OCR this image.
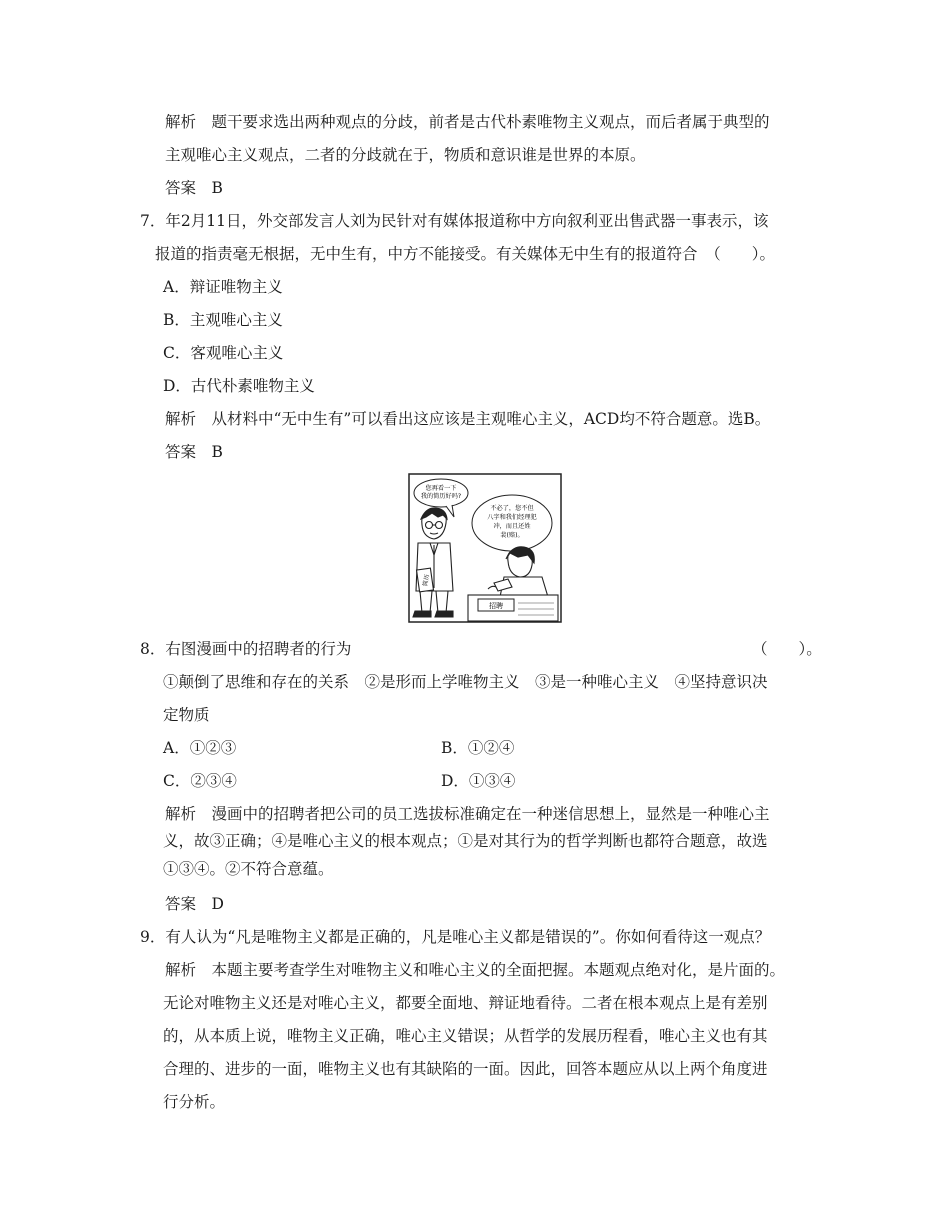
解析　题干要求选出两种观点的分歧，前者是古代朴素唯物主义观点，而后者属于典型的
主观唯心主义观点，二者的分歧就在于，物质和意识谁是世界的本原。
答案　B
7．年2月11日，外交部发言人刘为民针对有媒体报道称中方向叙利亚出售武器一事表示，该
报道的指责毫无根据，无中生有，中方不能接受。有关媒体无中生有的报道符合　（　　）。
A．辩证唯物主义
B．主观唯心主义
C．客观唯心主义
D．古代朴素唯物主义
解析　从材料中“无中生有”可以看出这应该是主观唯心主义，ACD均不符合题意。选B。
答案　B
您再看一下
我的简历好吗?
不必了，您不但
八字和我们经理犯
冲，而且还姓
裴(赔)。
简历
招聘
8．右图漫画中的招聘者的行为	（　　）。
①颠倒了思维和存在的关系　②是形而上学唯物主义　③是一种唯心主义　④坚持意识决
定物质
A．①②③	B．①②④
C．②③④	D．①③④
解析　漫画中的招聘者把公司的员工选拔标准确定在一种迷信思想上，显然是一种唯心主
义，故③正确；④是唯心主义的根本观点；①是对其行为的哲学判断也都符合题意，故选
①③④。②不符合意蕴。
答案　D
9．有人认为“凡是唯物主义都是正确的，凡是唯心主义都是错误的”。你如何看待这一观点？
解析　本题主要考查学生对唯物主义和唯心主义的全面把握。本题观点绝对化，是片面的。
无论对唯物主义还是对唯心主义，都要全面地、辩证地看待。二者在根本观点上是有差别
的，从本质上说，唯物主义正确，唯心主义错误；从哲学的发展历程看，唯心主义也有其
合理的、进步的一面，唯物主义也有其缺陷的一面。因此，回答本题应从以上两个角度进
行分析。
